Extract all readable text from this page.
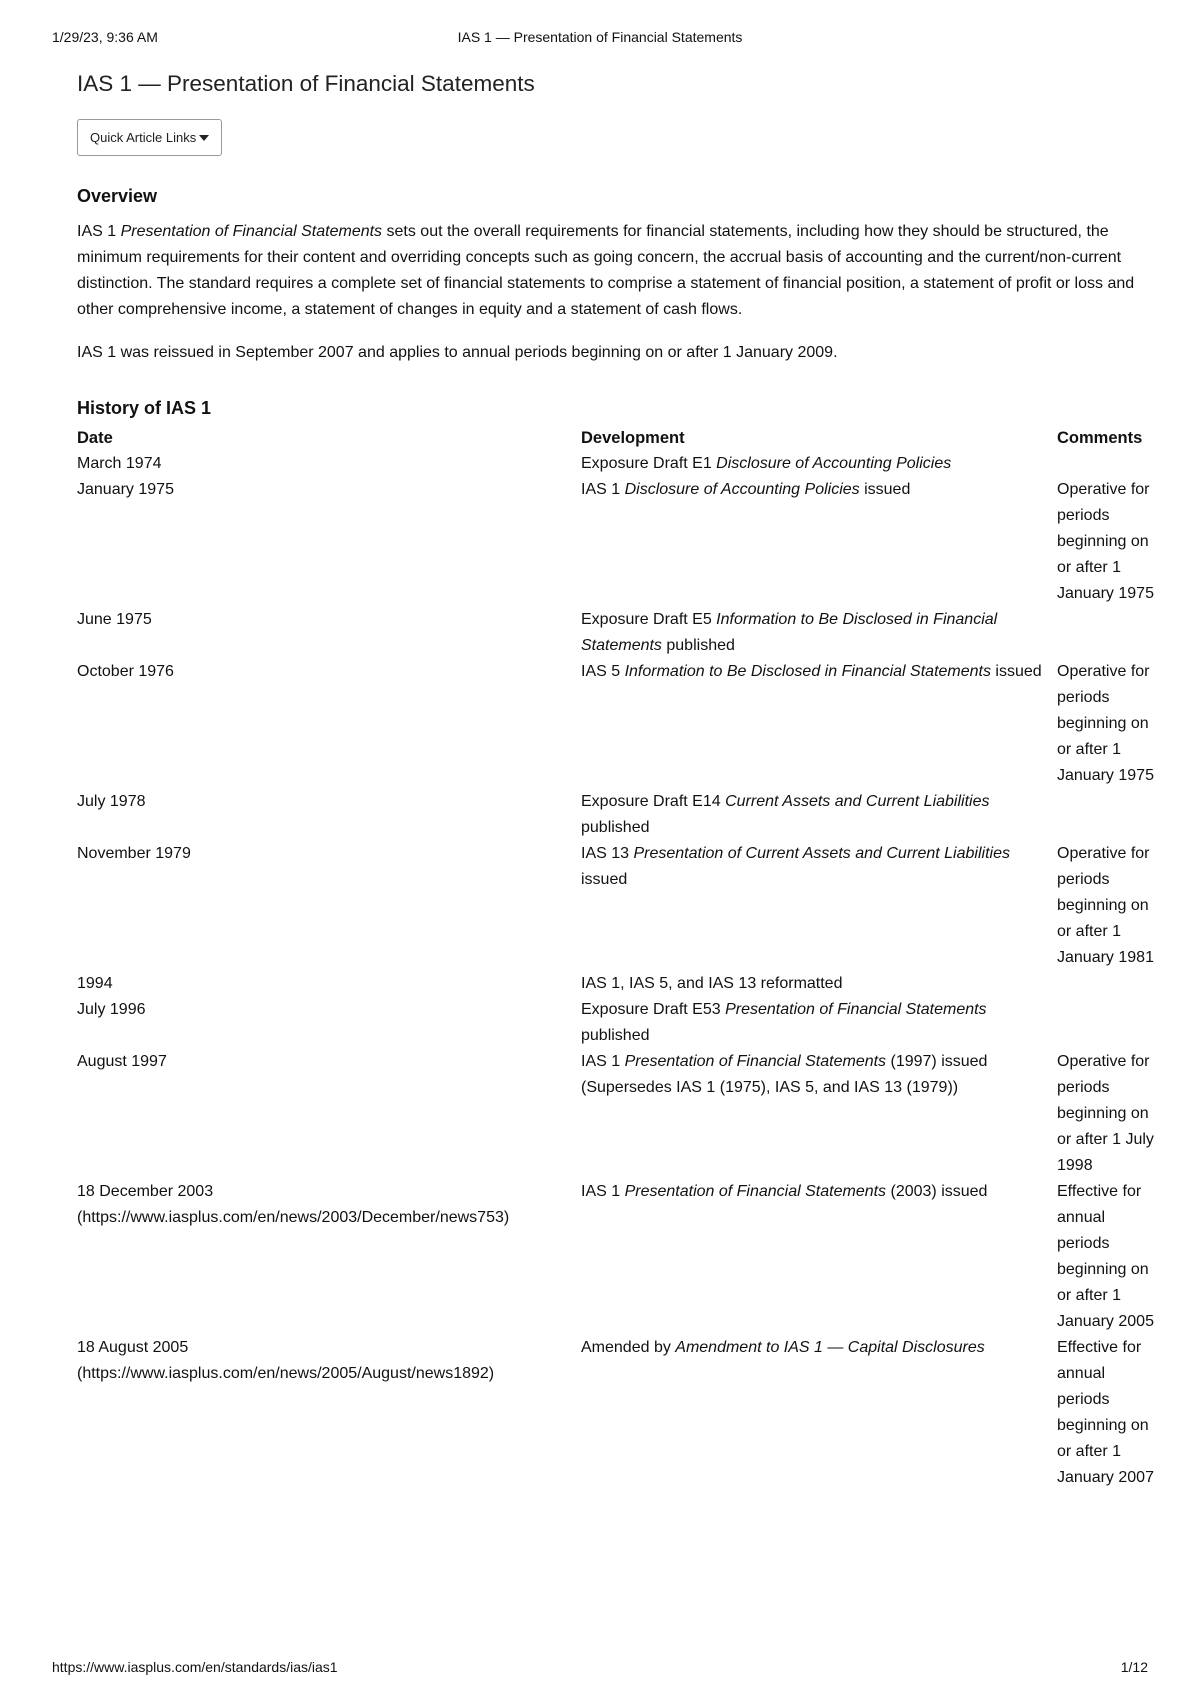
1/29/23, 9:36 AM	IAS 1 — Presentation of Financial Statements
IAS 1 — Presentation of Financial Statements
Quick Article Links
Overview

IAS 1 Presentation of Financial Statements sets out the overall requirements for financial statements, including how they should be structured, the minimum requirements for their content and overriding concepts such as going concern, the accrual basis of accounting and the current/non-current distinction. The standard requires a complete set of financial statements to comprise a statement of financial position, a statement of profit or loss and other comprehensive income, a statement of changes in equity and a statement of cash flows.

IAS 1 was reissued in September 2007 and applies to annual periods beginning on or after 1 January 2009.

History of IAS 1
Date	Development	Comments
March 1974	Exposure Draft E1 Disclosure of Accounting Policies	
January 1975	IAS 1 Disclosure of Accounting Policies issued	Operative for periods beginning on or after 1 January 1975
June 1975	Exposure Draft E5 Information to Be Disclosed in Financial Statements published	
October 1976	IAS 5 Information to Be Disclosed in Financial Statements issued	Operative for periods beginning on or after 1 January 1975
July 1978	Exposure Draft E14 Current Assets and Current Liabilities published	
November 1979	IAS 13 Presentation of Current Assets and Current Liabilities issued	Operative for periods beginning on or after 1 January 1981
1994	IAS 1, IAS 5, and IAS 13 reformatted	
July 1996	Exposure Draft E53 Presentation of Financial Statements published	
August 1997	IAS 1 Presentation of Financial Statements (1997) issued (Supersedes IAS 1 (1975), IAS 5, and IAS 13 (1979))	Operative for periods beginning on or after 1 July 1998
18 December 2003 (https://www.iasplus.com/en/news/2003/December/news753)	IAS 1 Presentation of Financial Statements (2003) issued	Effective for annual periods beginning on or after 1 January 2005
18 August 2005 (https://www.iasplus.com/en/news/2005/August/news1892)	Amended by Amendment to IAS 1 — Capital Disclosures	Effective for annual periods beginning on or after 1 January 2007
https://www.iasplus.com/en/standards/ias/ias1	1/12
